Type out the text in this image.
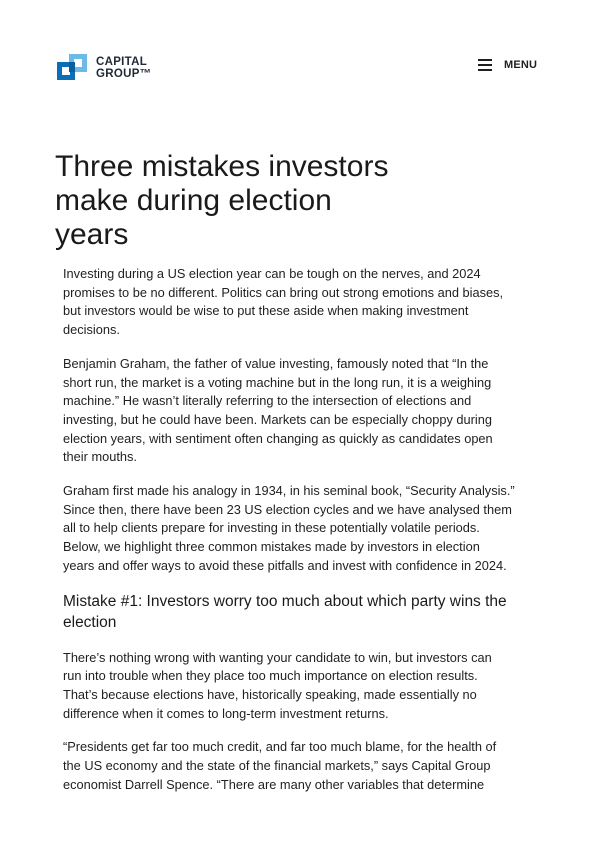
CAPITAL
GROUP™
MENU
Three mistakes investors
make during election
years

Investing during a US election year can be tough on the nerves, and 2024
promises to be no different. Politics can bring out strong emotions and biases,
but investors would be wise to put these aside when making investment
decisions.

Benjamin Graham, the father of value investing, famously noted that “In the
short run, the market is a voting machine but in the long run, it is a weighing
machine.” He wasn’t literally referring to the intersection of elections and
investing, but he could have been. Markets can be especially choppy during
election years, with sentiment often changing as quickly as candidates open
their mouths.

Graham first made his analogy in 1934, in his seminal book, “Security Analysis.”
Since then, there have been 23 US election cycles and we have analysed them
all to help clients prepare for investing in these potentially volatile periods.
Below, we highlight three common mistakes made by investors in election
years and offer ways to avoid these pitfalls and invest with confidence in 2024.

Mistake #1: Investors worry too much about which party wins the
election

There’s nothing wrong with wanting your candidate to win, but investors can
run into trouble when they place too much importance on election results.
That’s because elections have, historically speaking, made essentially no
difference when it comes to long-term investment returns.

“Presidents get far too much credit, and far too much blame, for the health of
the US economy and the state of the financial markets,” says Capital Group
economist Darrell Spence. “There are many other variables that determine
